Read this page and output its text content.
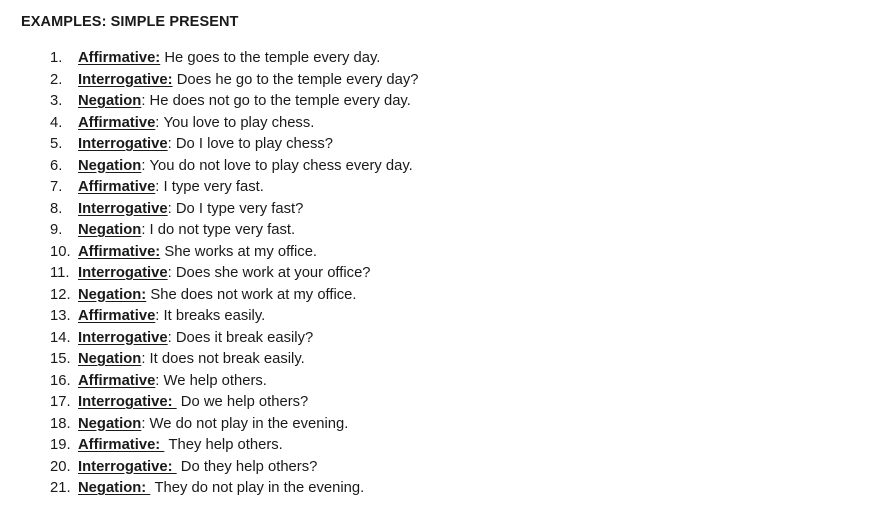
EXAMPLES: SIMPLE PRESENT
1.	Affirmative:
He goes to the temple every day.
2.	Interrogative:
Does he go to the temple every day?
3.	Negation : He does not go to the temple every day.
4.	Affirmative : You love to play chess.
5.	Interrogative : Do I love to play chess?
6.	Negation : You do not love to play chess every day.
7.	Affirmative : I type very fast.
8.	Interrogative : Do I type very fast?
9.	Negation : I do not type very fast.
10. Affirmative:
She works at my office.
11. Interrogative : Does she work at your office?
12. Negation:
She does not work at my office.
13. Affirmative : It breaks easily.
14. Interrogative : Does it break easily?
15. Negation : It does not break easily.
16. Affirmative : We help others.
17. Interrogative:
Do we help others?
18. Negation : We do not play in the evening.
19. Affirmative:
They help others.
20. Interrogative:
Do they help others?
21. Negation:
They do not play in the evening.
